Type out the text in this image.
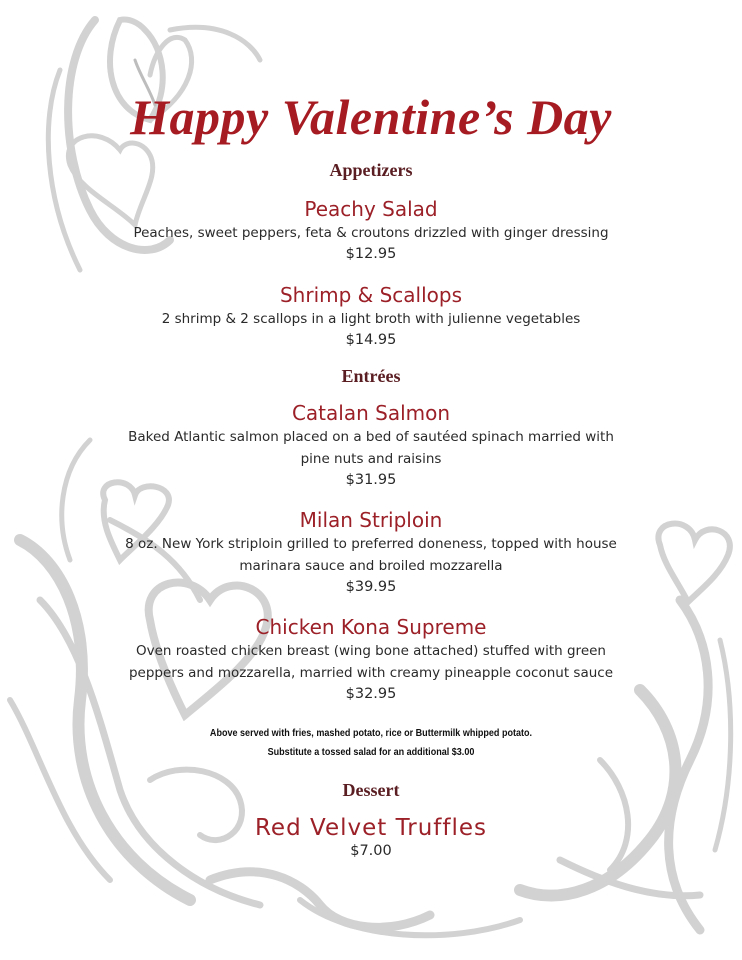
Happy Valentine’s Day
Appetizers
Peachy Salad
Peaches, sweet peppers, feta & croutons drizzled with ginger dressing
$12.95
Shrimp & Scallops
2 shrimp & 2 scallops in a light broth with julienne vegetables
$14.95
Entrées
Catalan Salmon
Baked Atlantic salmon placed on a bed of sautéed spinach married with
pine nuts and raisins
$31.95
Milan Striploin
8 oz. New York striploin grilled to preferred doneness, topped with house
marinara sauce and broiled mozzarella
$39.95
Chicken Kona Supreme
Oven roasted chicken breast (wing bone attached) stuffed with green
peppers and mozzarella, married with creamy pineapple coconut sauce
$32.95
Above served with fries, mashed potato, rice or Buttermilk whipped potato.
Substitute a tossed salad for an additional $3.00
Dessert
Red Velvet Truffles
$7.00
